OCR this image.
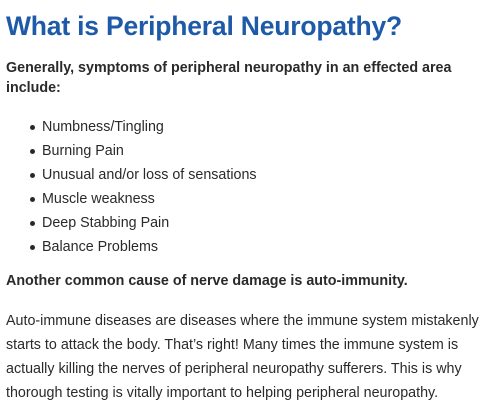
What is Peripheral Neuropathy?

Generally, symptoms of peripheral neuropathy in an effected area include:

Numbness/Tingling
Burning Pain
Unusual and/or loss of sensations
Muscle weakness
Deep Stabbing Pain
Balance Problems

Another common cause of nerve damage is auto-immunity.

Auto-immune diseases are diseases where the immune system mistakenly starts to attack the body. That’s right! Many times the immune system is actually killing the nerves of peripheral neuropathy sufferers. This is why thorough testing is vitally important to helping peripheral neuropathy.
